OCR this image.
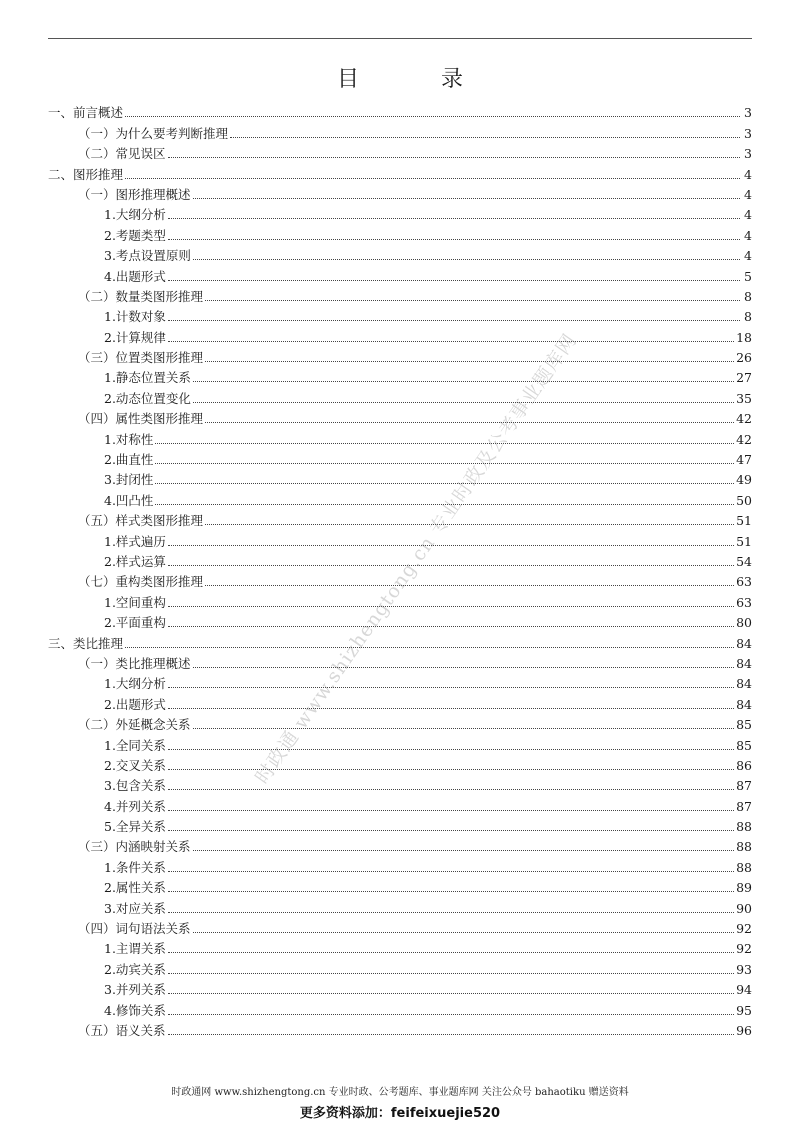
目　录
一、前言概述	3
（一）为什么要考判断推理	3
（二）常见误区	3
二、图形推理	4
（一）图形推理概述	4
1.大纲分析	4
2.考题类型	4
3.考点设置原则	4
4.出题形式	5
（二）数量类图形推理	8
1.计数对象	8
2.计算规律	18
（三）位置类图形推理	26
1.静态位置关系	27
2.动态位置变化	35
（四）属性类图形推理	42
1.对称性	42
2.曲直性	47
3.封闭性	49
4.凹凸性	50
（五）样式类图形推理	51
1.样式遍历	51
2.样式运算	54
（七）重构类图形推理	63
1.空间重构	63
2.平面重构	80
三、类比推理	84
（一）类比推理概述	84
1.大纲分析	84
2.出题形式	84
（二）外延概念关系	85
1.全同关系	85
2.交叉关系	86
3.包含关系	87
4.并列关系	87
5.全异关系	88
（三）内涵映射关系	88
1.条件关系	88
2.属性关系	89
3.对应关系	90
（四）词句语法关系	92
1.主谓关系	92
2.动宾关系	93
3.并列关系	94
4.修饰关系	95
（五）语义关系	96
时政通 www.shizhengtong.cn 专业时政及公考事业题库网
时政通网 www.shizhengtong.cn 专业时政、公考题库、事业题库网 关注公众号 bahaotiku 赠送资料
更多资料添加：feifeixuejie520
